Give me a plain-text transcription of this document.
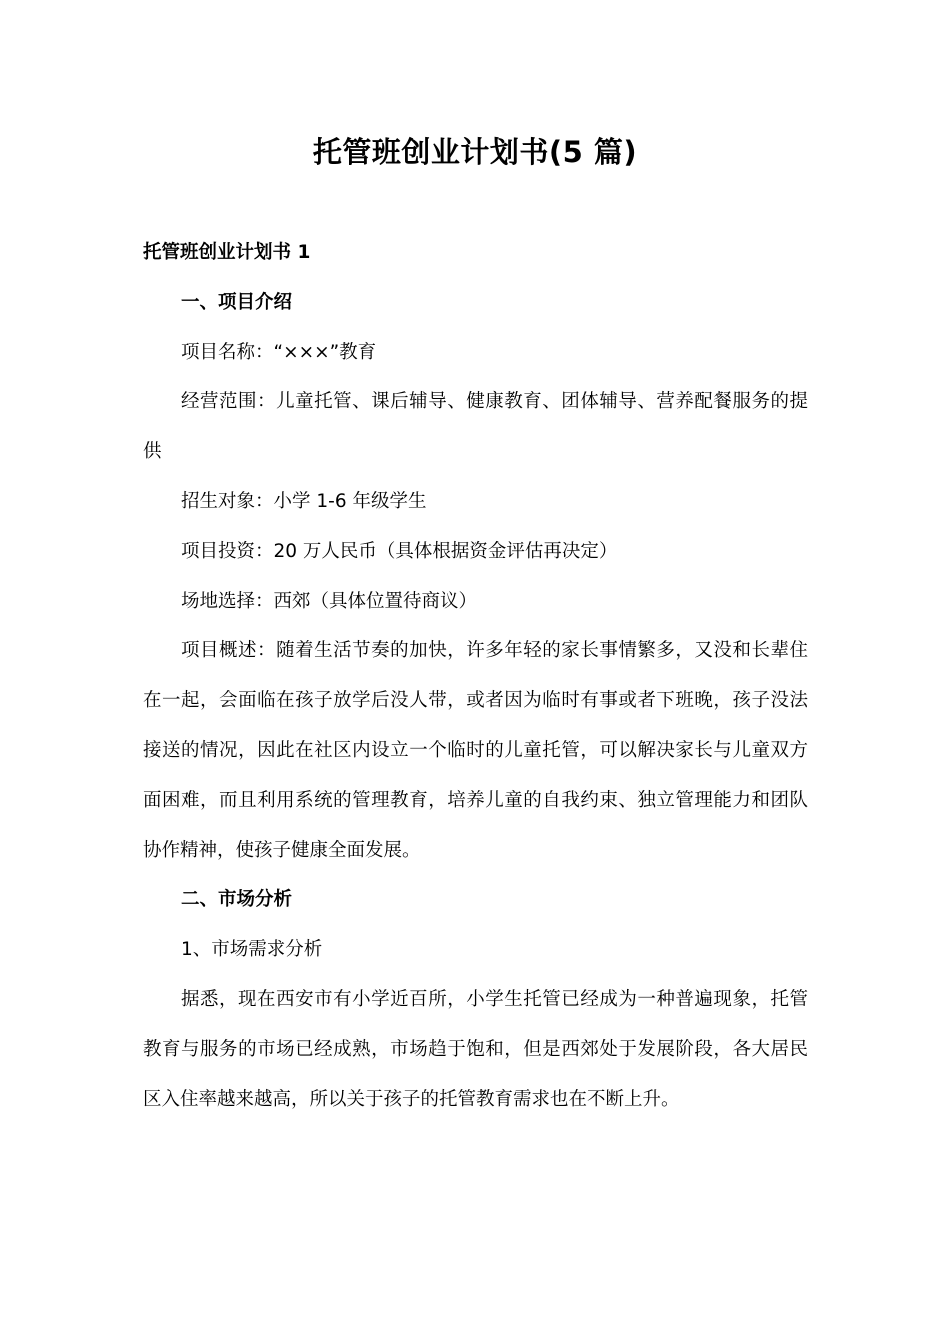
托管班创业计划书(5 篇)
托管班创业计划书 1
一、项目介绍
项目名称：“×××”教育
经营范围：儿童托管、课后辅导、健康教育、团体辅导、营养配餐服务的提
供
招生对象：小学 1-6 年级学生
项目投资：20 万人民币（具体根据资金评估再决定）
场地选择：西郊（具体位置待商议）
项目概述：随着生活节奏的加快，许多年轻的家长事情繁多，又没和长辈住
在一起，会面临在孩子放学后没人带，或者因为临时有事或者下班晚，孩子没法
接送的情况，因此在社区内设立一个临时的儿童托管，可以解决家长与儿童双方
面困难，而且利用系统的管理教育，培养儿童的自我约束、独立管理能力和团队
协作精神，使孩子健康全面发展。
二、市场分析
1、市场需求分析
据悉，现在西安市有小学近百所，小学生托管已经成为一种普遍现象，托管
教育与服务的市场已经成熟，市场趋于饱和，但是西郊处于发展阶段，各大居民
区入住率越来越高，所以关于孩子的托管教育需求也在不断上升。
